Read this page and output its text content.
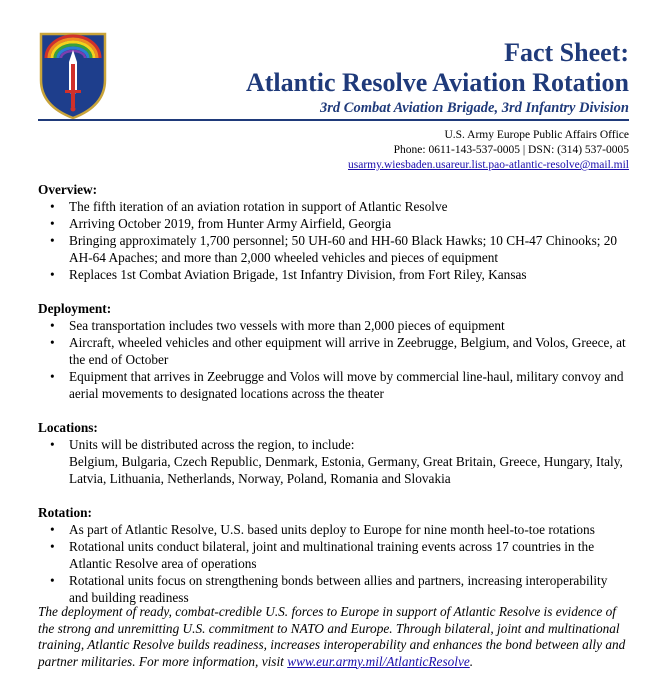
Fact Sheet:
Atlantic Resolve Aviation Rotation
3rd Combat Aviation Brigade, 3rd Infantry Division
U.S. Army Europe Public Affairs Office
Phone: 0611-143-537-0005 | DSN: (314) 537-0005
usarmy.wiesbaden.usareur.list.pao-atlantic-resolve@mail.mil
Overview:
• The fifth iteration of an aviation rotation in support of Atlantic Resolve
• Arriving October 2019, from Hunter Army Airfield, Georgia
• Bringing approximately 1,700 personnel; 50 UH-60 and HH-60 Black Hawks; 10 CH-47 Chinooks; 20 AH-64 Apaches; and more than 2,000 wheeled vehicles and pieces of equipment
• Replaces 1st Combat Aviation Brigade, 1st Infantry Division, from Fort Riley, Kansas
Deployment:
• Sea transportation includes two vessels with more than 2,000 pieces of equipment
• Aircraft, wheeled vehicles and other equipment will arrive in Zeebrugge, Belgium, and Volos, Greece, at the end of October
• Equipment that arrives in Zeebrugge and Volos will move by commercial line-haul, military convoy and aerial movements to designated locations across the theater
Locations:
• Units will be distributed across the region, to include:
Belgium, Bulgaria, Czech Republic, Denmark, Estonia, Germany, Great Britain, Greece, Hungary, Italy, Latvia, Lithuania, Netherlands, Norway, Poland, Romania and Slovakia
Rotation:
• As part of Atlantic Resolve, U.S. based units deploy to Europe for nine month heel-to-toe rotations
• Rotational units conduct bilateral, joint and multinational training events across 17 countries in the Atlantic Resolve area of operations
• Rotational units focus on strengthening bonds between allies and partners, increasing interoperability and building readiness
The deployment of ready, combat-credible U.S. forces to Europe in support of Atlantic Resolve is evidence of the strong and unremitting U.S. commitment to NATO and Europe. Through bilateral, joint and multinational training, Atlantic Resolve builds readiness, increases interoperability and enhances the bond between ally and partner militaries. For more information, visit www.eur.army.mil/AtlanticResolve.
